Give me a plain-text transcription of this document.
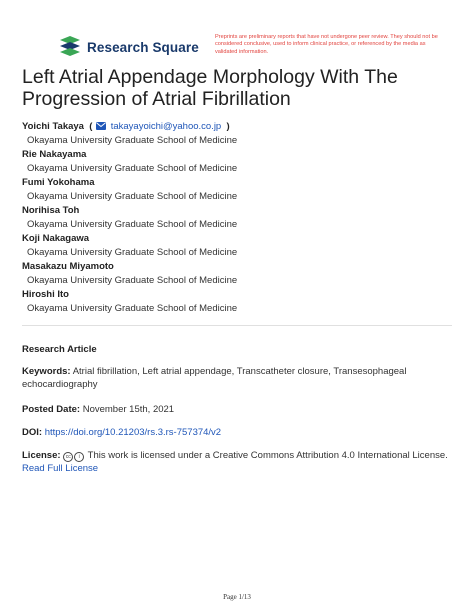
Research Square
Preprints are preliminary reports that have not undergone peer review. They should not be considered conclusive, used to inform clinical practice, or referenced by the media as validated information.
Left Atrial Appendage Morphology With The Progression of Atrial Fibrillation
Yoichi Takaya  ( takayayoichi@yahoo.co.jp  )
Okayama University Graduate School of Medicine
Rie Nakayama
Okayama University Graduate School of Medicine
Fumi Yokohama
Okayama University Graduate School of Medicine
Norihisa Toh
Okayama University Graduate School of Medicine
Koji Nakagawa
Okayama University Graduate School of Medicine
Masakazu Miyamoto
Okayama University Graduate School of Medicine
Hiroshi Ito
Okayama University Graduate School of Medicine
Research Article
Keywords: Atrial fibrillation, Left atrial appendage, Transcatheter closure, Transesophageal echocardiography
Posted Date: November 15th, 2021
DOI: https://doi.org/10.21203/rs.3.rs-757374/v2
License: cc i This work is licensed under a Creative Commons Attribution 4.0 International License.
Read Full License
Page 1/13
